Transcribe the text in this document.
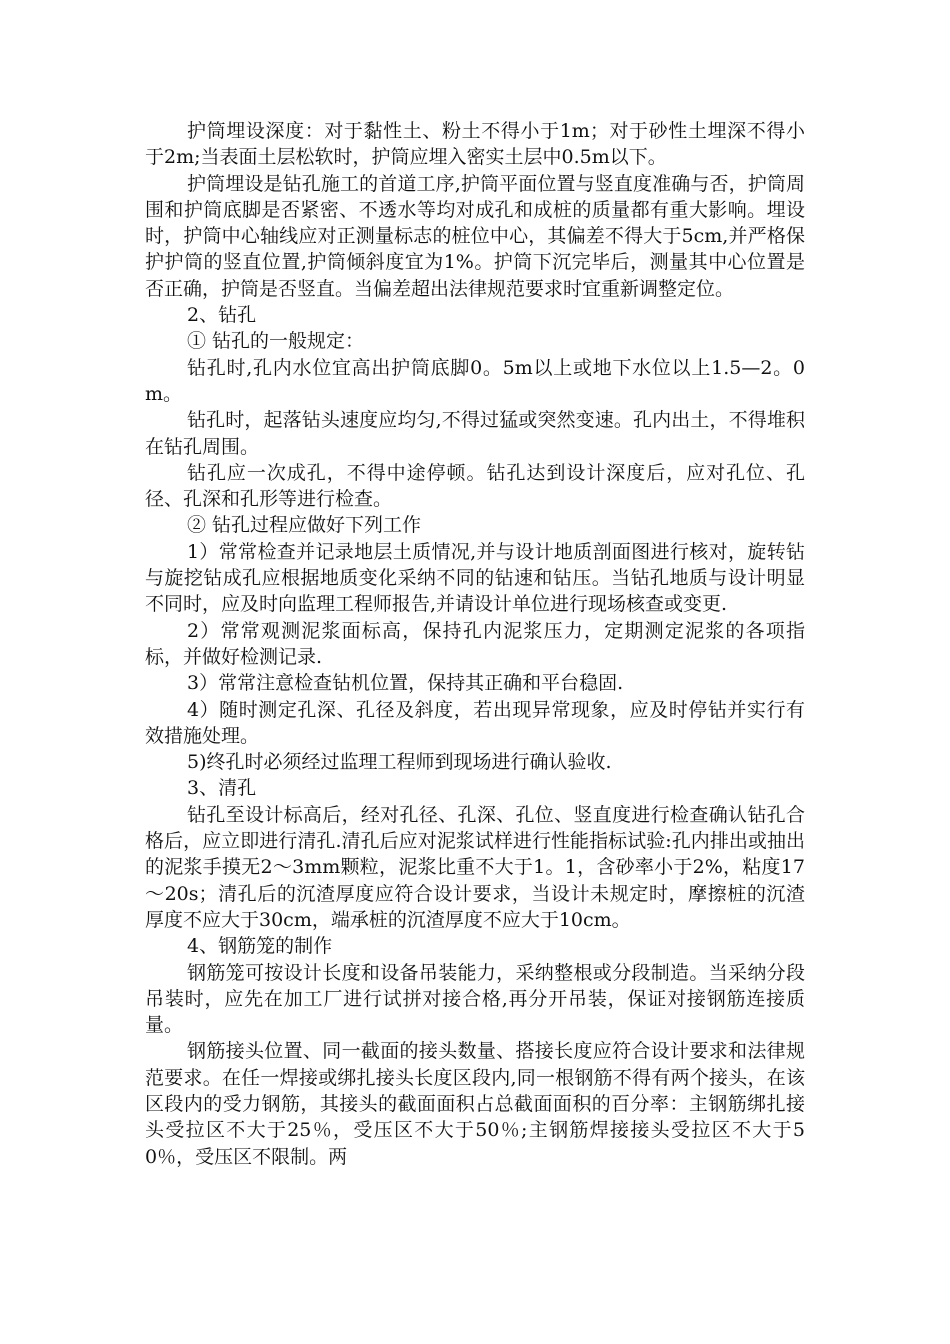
护筒埋设深度：对于黏性土、粉土不得小于1m；对于砂性土埋深不得小于2m;当表面土层松软时，护筒应埋入密实土层中0.5m以下。

护筒埋设是钻孔施工的首道工序,护筒平面位置与竖直度准确与否，护筒周围和护筒底脚是否紧密、不透水等均对成孔和成桩的质量都有重大影响。埋设时，护筒中心轴线应对正测量标志的桩位中心，其偏差不得大于5cm,并严格保护护筒的竖直位置,护筒倾斜度宜为1%。护筒下沉完毕后，测量其中心位置是否正确，护筒是否竖直。当偏差超出法律规范要求时宜重新调整定位。

2、钻孔

① 钻孔的一般规定：

钻孔时,孔内水位宜高出护筒底脚0。5m以上或地下水位以上1.5—2。0m。

钻孔时，起落钻头速度应均匀,不得过猛或突然变速。孔内出土，不得堆积在钻孔周围。

钻孔应一次成孔，不得中途停顿。钻孔达到设计深度后，应对孔位、孔径、孔深和孔形等进行检查。

② 钻孔过程应做好下列工作

1）常常检查并记录地层土质情况,并与设计地质剖面图进行核对，旋转钻与旋挖钻成孔应根据地质变化采纳不同的钻速和钻压。当钻孔地质与设计明显不同时，应及时向监理工程师报告,并请设计单位进行现场核查或变更.

2）常常观测泥浆面标高，保持孔内泥浆压力，定期测定泥浆的各项指标，并做好检测记录.

3）常常注意检查钻机位置，保持其正确和平台稳固.

4）随时测定孔深、孔径及斜度，若出现异常现象，应及时停钻并实行有效措施处理。

5)终孔时必须经过监理工程师到现场进行确认验收.

3、清孔

钻孔至设计标高后，经对孔径、孔深、孔位、竖直度进行检查确认钻孔合格后，应立即进行清孔.清孔后应对泥浆试样进行性能指标试验:孔内排出或抽出的泥浆手摸无2～3mm颗粒，泥浆比重不大于1。1，含砂率小于2%，粘度17～20s；清孔后的沉渣厚度应符合设计要求，当设计未规定时，摩擦桩的沉渣厚度不应大于30cm，端承桩的沉渣厚度不应大于10cm。

4、钢筋笼的制作

钢筋笼可按设计长度和设备吊装能力，采纳整根或分段制造。当采纳分段吊装时，应先在加工厂进行试拼对接合格,再分开吊装，保证对接钢筋连接质量。

钢筋接头位置、同一截面的接头数量、搭接长度应符合设计要求和法律规范要求。在任一焊接或绑扎接头长度区段内,同一根钢筋不得有两个接头，在该区段内的受力钢筋，其接头的截面面积占总截面面积的百分率：主钢筋绑扎接头受拉区不大于25％，受压区不大于50％;主钢筋焊接接头受拉区不大于50％，受压区不限制。两
